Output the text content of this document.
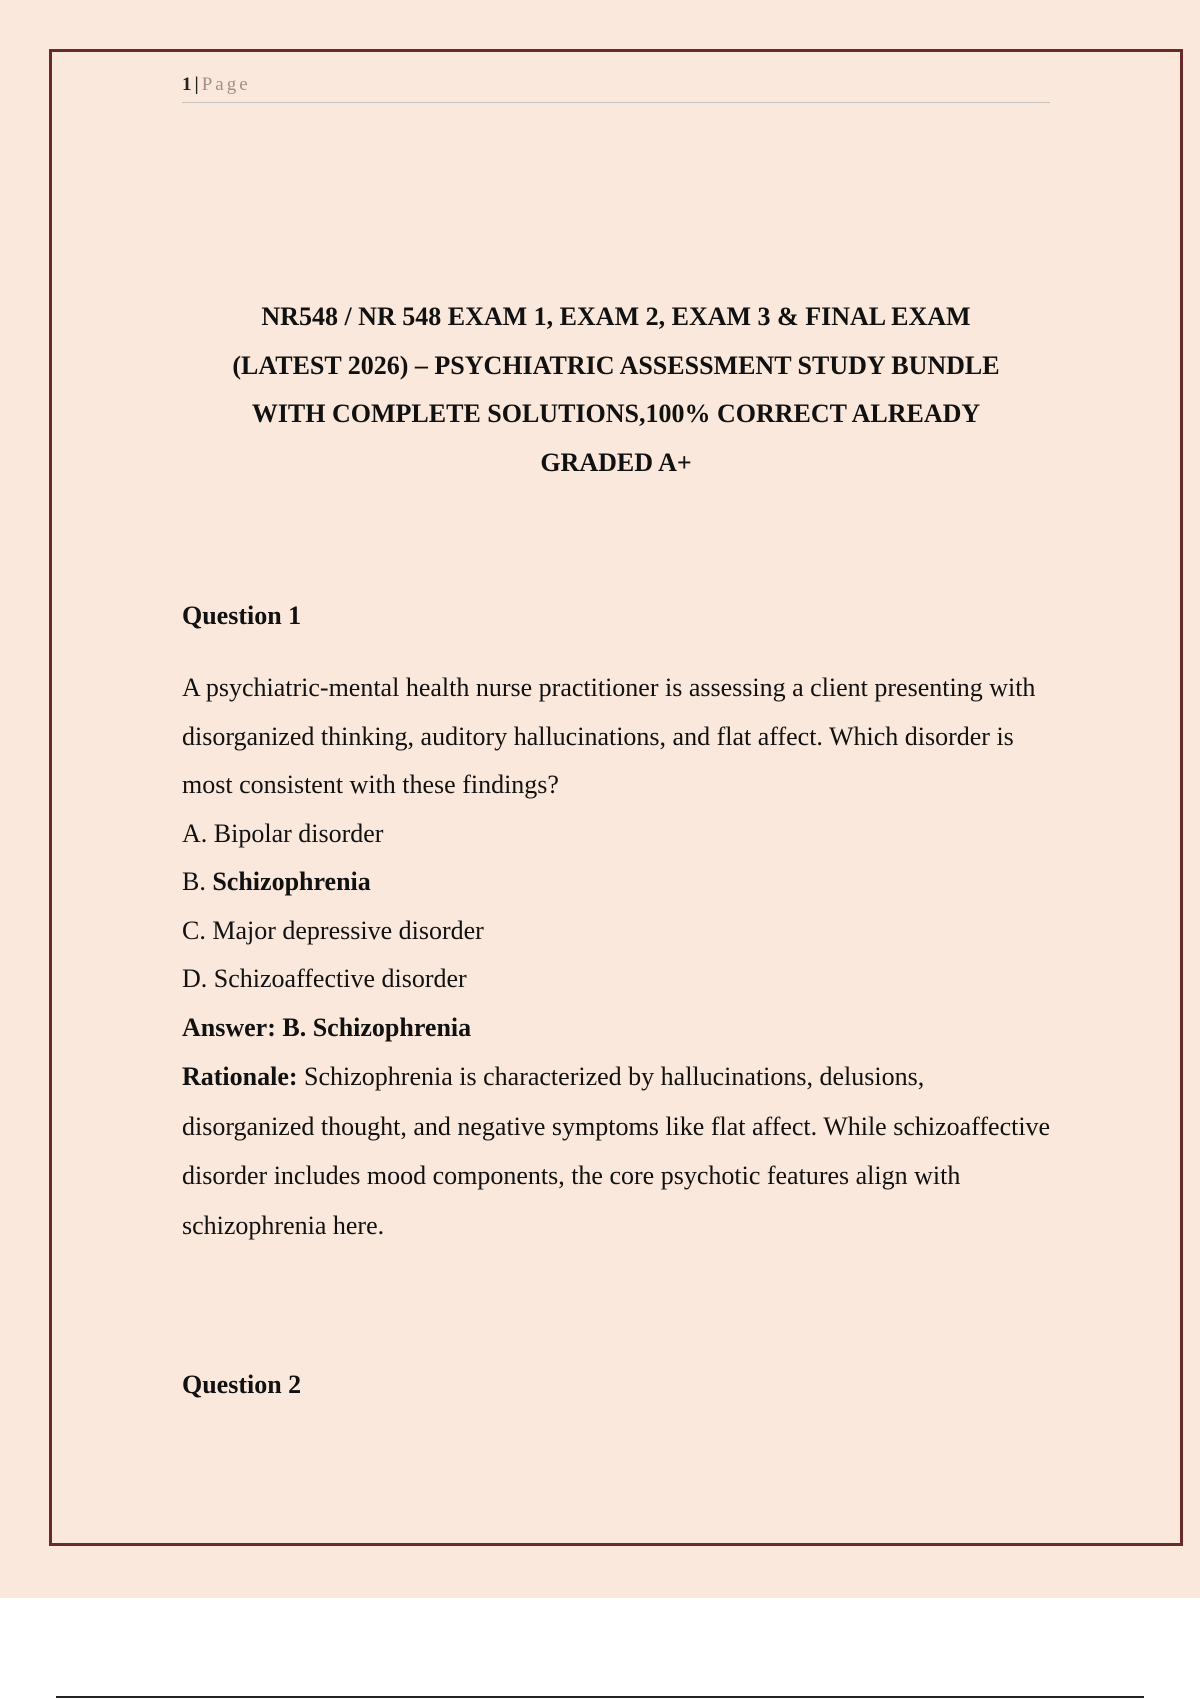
1 | Page
NR548 / NR 548 EXAM 1, EXAM 2, EXAM 3 & FINAL EXAM
(LATEST 2026) – PSYCHIATRIC ASSESSMENT STUDY BUNDLE
WITH COMPLETE SOLUTIONS,100% CORRECT ALREADY
GRADED A+

Question 1

A psychiatric-mental health nurse practitioner is assessing a client presenting with disorganized thinking, auditory hallucinations, and flat affect. Which disorder is most consistent with these findings?

A. Bipolar disorder

B. Schizophrenia

C. Major depressive disorder

D. Schizoaffective disorder

Answer: B. Schizophrenia

Rationale: Schizophrenia is characterized by hallucinations, delusions, disorganized thought, and negative symptoms like flat affect. While schizoaffective disorder includes mood components, the core psychotic features align with schizophrenia here.

Question 2
